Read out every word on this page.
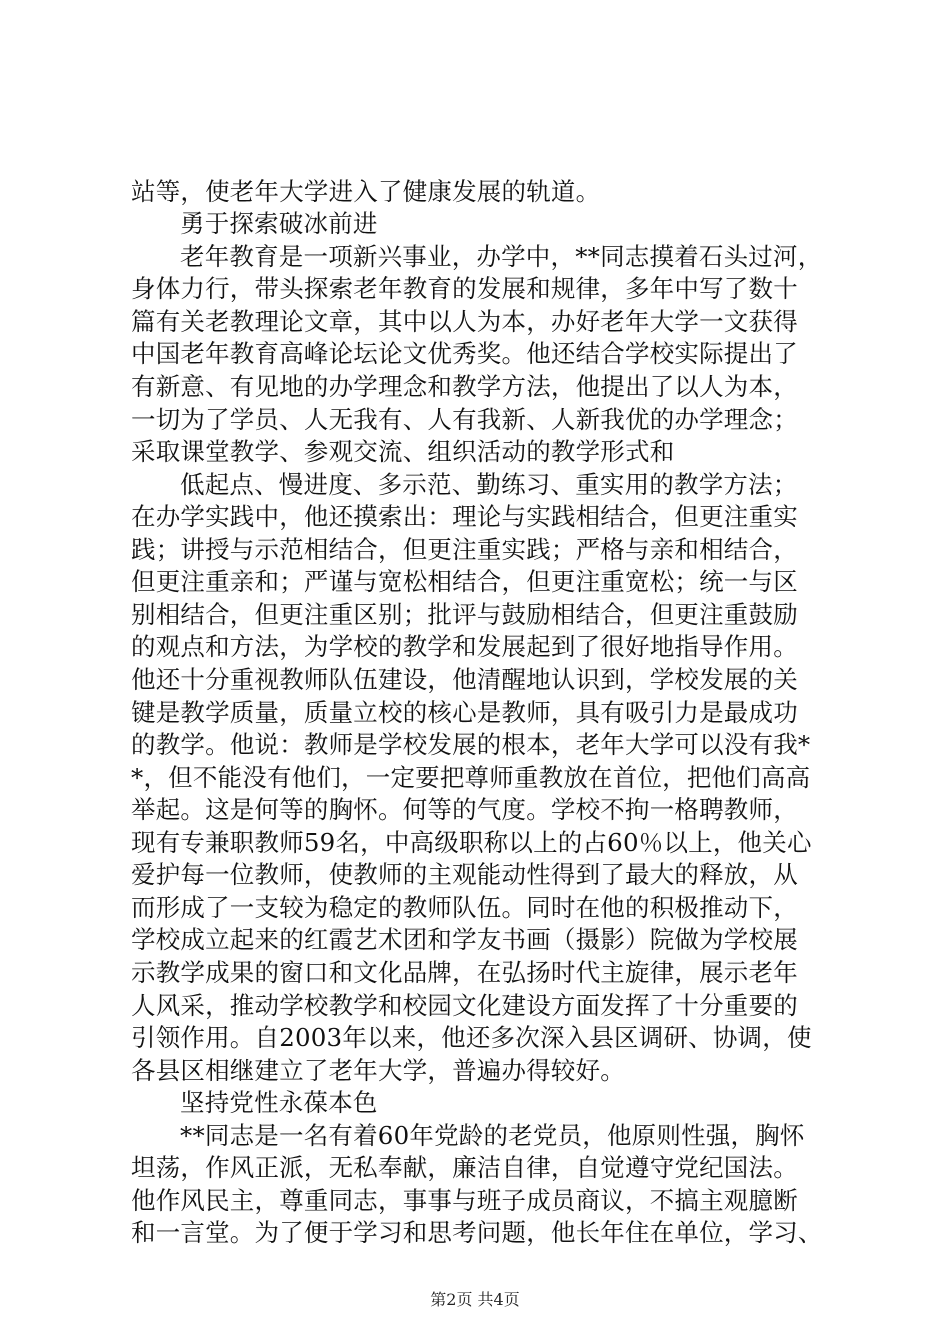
站等，使老年大学进入了健康发展的轨道。
勇于探索破冰前进
老年教育是一项新兴事业，办学中，**同志摸着石头过河，
身体力行，带头探索老年教育的发展和规律，多年中写了数十
篇有关老教理论文章，其中以人为本，办好老年大学一文获得
中国老年教育高峰论坛论文优秀奖。他还结合学校实际提出了
有新意、有见地的办学理念和教学方法，他提出了以人为本，
一切为了学员、人无我有、人有我新、人新我优的办学理念；
采取课堂教学、参观交流、组织活动的教学形式和
低起点、慢进度、多示范、勤练习、重实用的教学方法；
在办学实践中，他还摸索出：理论与实践相结合，但更注重实
践；讲授与示范相结合，但更注重实践；严格与亲和相结合，
但更注重亲和；严谨与宽松相结合，但更注重宽松；统一与区
别相结合，但更注重区别；批评与鼓励相结合，但更注重鼓励
的观点和方法，为学校的教学和发展起到了很好地指导作用。
他还十分重视教师队伍建设，他清醒地认识到，学校发展的关
键是教学质量，质量立校的核心是教师，具有吸引力是最成功
的教学。他说：教师是学校发展的根本，老年大学可以没有我*
*，但不能没有他们，一定要把尊师重教放在首位，把他们高高
举起。这是何等的胸怀。何等的气度。学校不拘一格聘教师，
现有专兼职教师59名，中高级职称以上的占60％以上，他关心
爱护每一位教师，使教师的主观能动性得到了最大的释放，从
而形成了一支较为稳定的教师队伍。同时在他的积极推动下，
学校成立起来的红霞艺术团和学友书画（摄影）院做为学校展
示教学成果的窗口和文化品牌，在弘扬时代主旋律，展示老年
人风采，推动学校教学和校园文化建设方面发挥了十分重要的
引领作用。自2003年以来，他还多次深入县区调研、协调，使
各县区相继建立了老年大学，普遍办得较好。
坚持党性永葆本色
**同志是一名有着60年党龄的老党员，他原则性强，胸怀
坦荡，作风正派，无私奉献，廉洁自律，自觉遵守党纪国法。
他作风民主，尊重同志，事事与班子成员商议，不搞主观臆断
和一言堂。为了便于学习和思考问题，他长年住在单位，学习、
第2页 共4页
